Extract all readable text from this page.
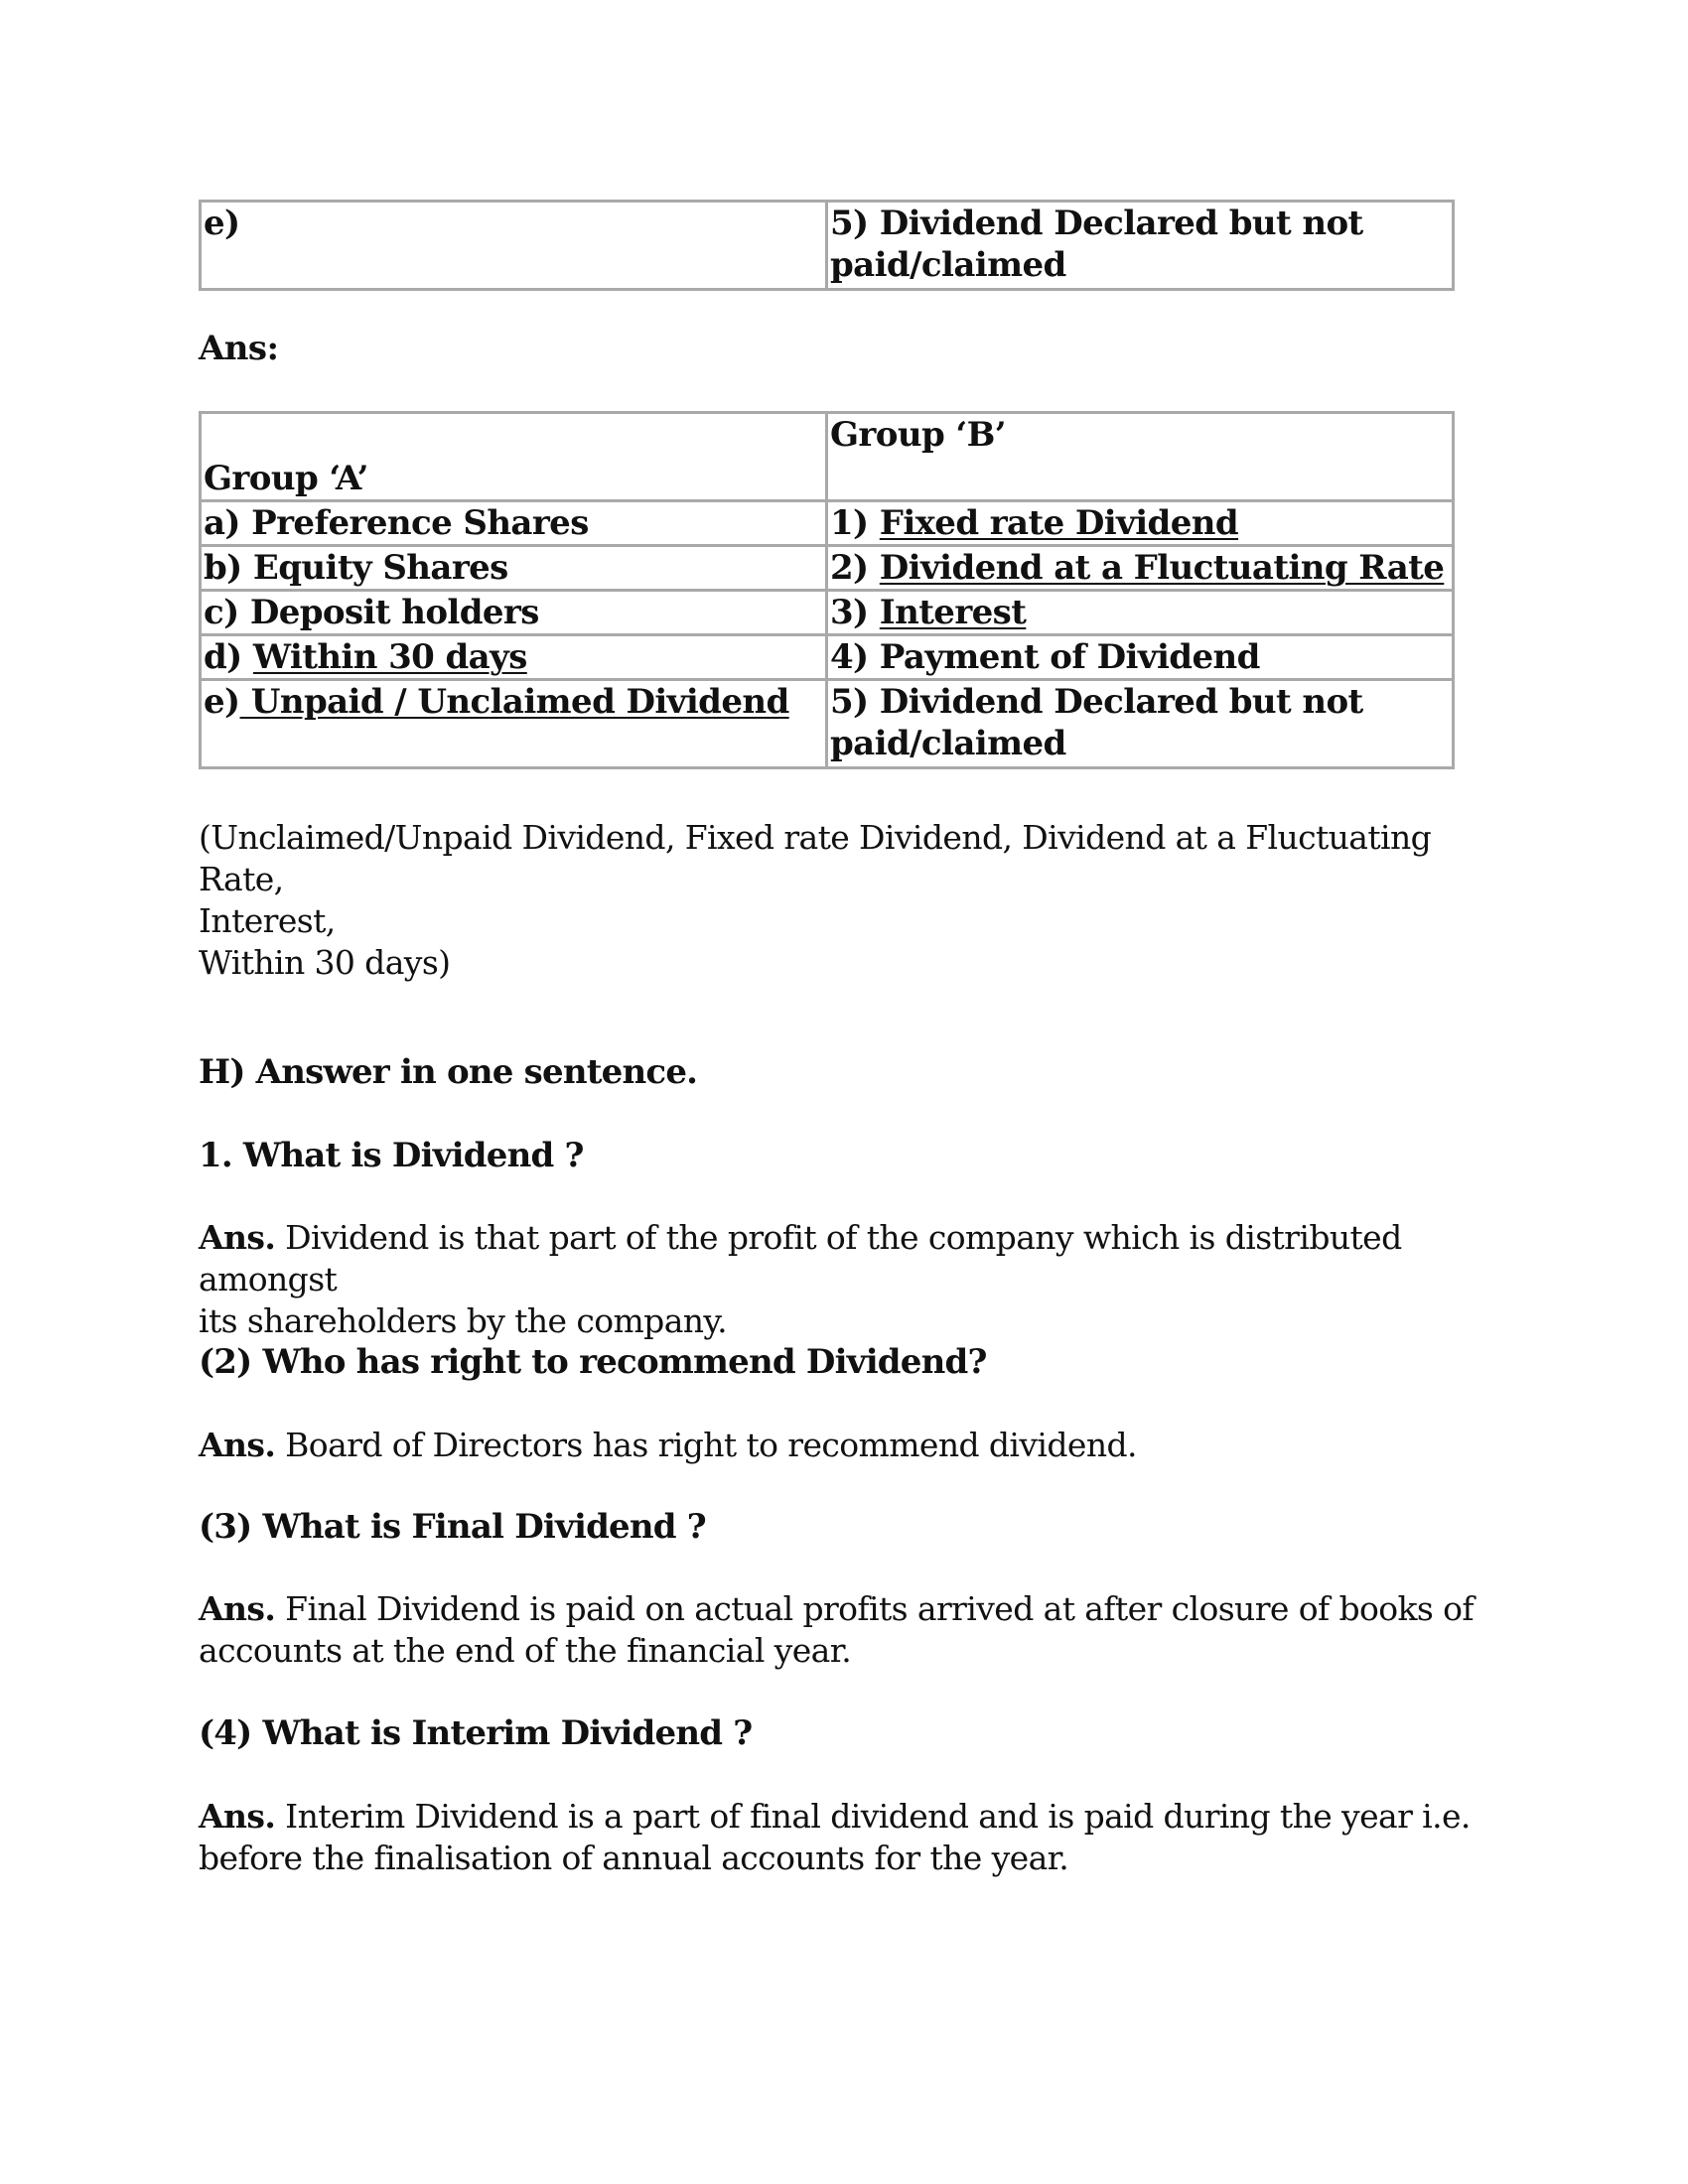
e)	5) Dividend Declared but not
paid/claimed
Ans:
Group ‘A’	Group ‘B’
a) Preference Shares	1) Fixed rate Dividend
b) Equity Shares	2) Dividend at a Fluctuating Rate
c) Deposit holders	3) Interest
d) Within 30 days	4) Payment of Dividend
e) Unpaid / Unclaimed Dividend	5) Dividend Declared but not
paid/claimed
(Unclaimed/Unpaid Dividend, Fixed rate Dividend, Dividend at a Fluctuating Rate,
Interest,
Within 30 days)
H) Answer in one sentence.
1. What is Dividend ?
Ans. Dividend is that part of the profit of the company which is distributed amongst
its shareholders by the company.
(2) Who has right to recommend Dividend?
Ans. Board of Directors has right to recommend dividend.
(3) What is Final Dividend ?
Ans. Final Dividend is paid on actual profits arrived at after closure of books of
accounts at the end of the financial year.
(4) What is Interim Dividend ?
Ans. Interim Dividend is a part of final dividend and is paid during the year i.e.
before the finalisation of annual accounts for the year.
